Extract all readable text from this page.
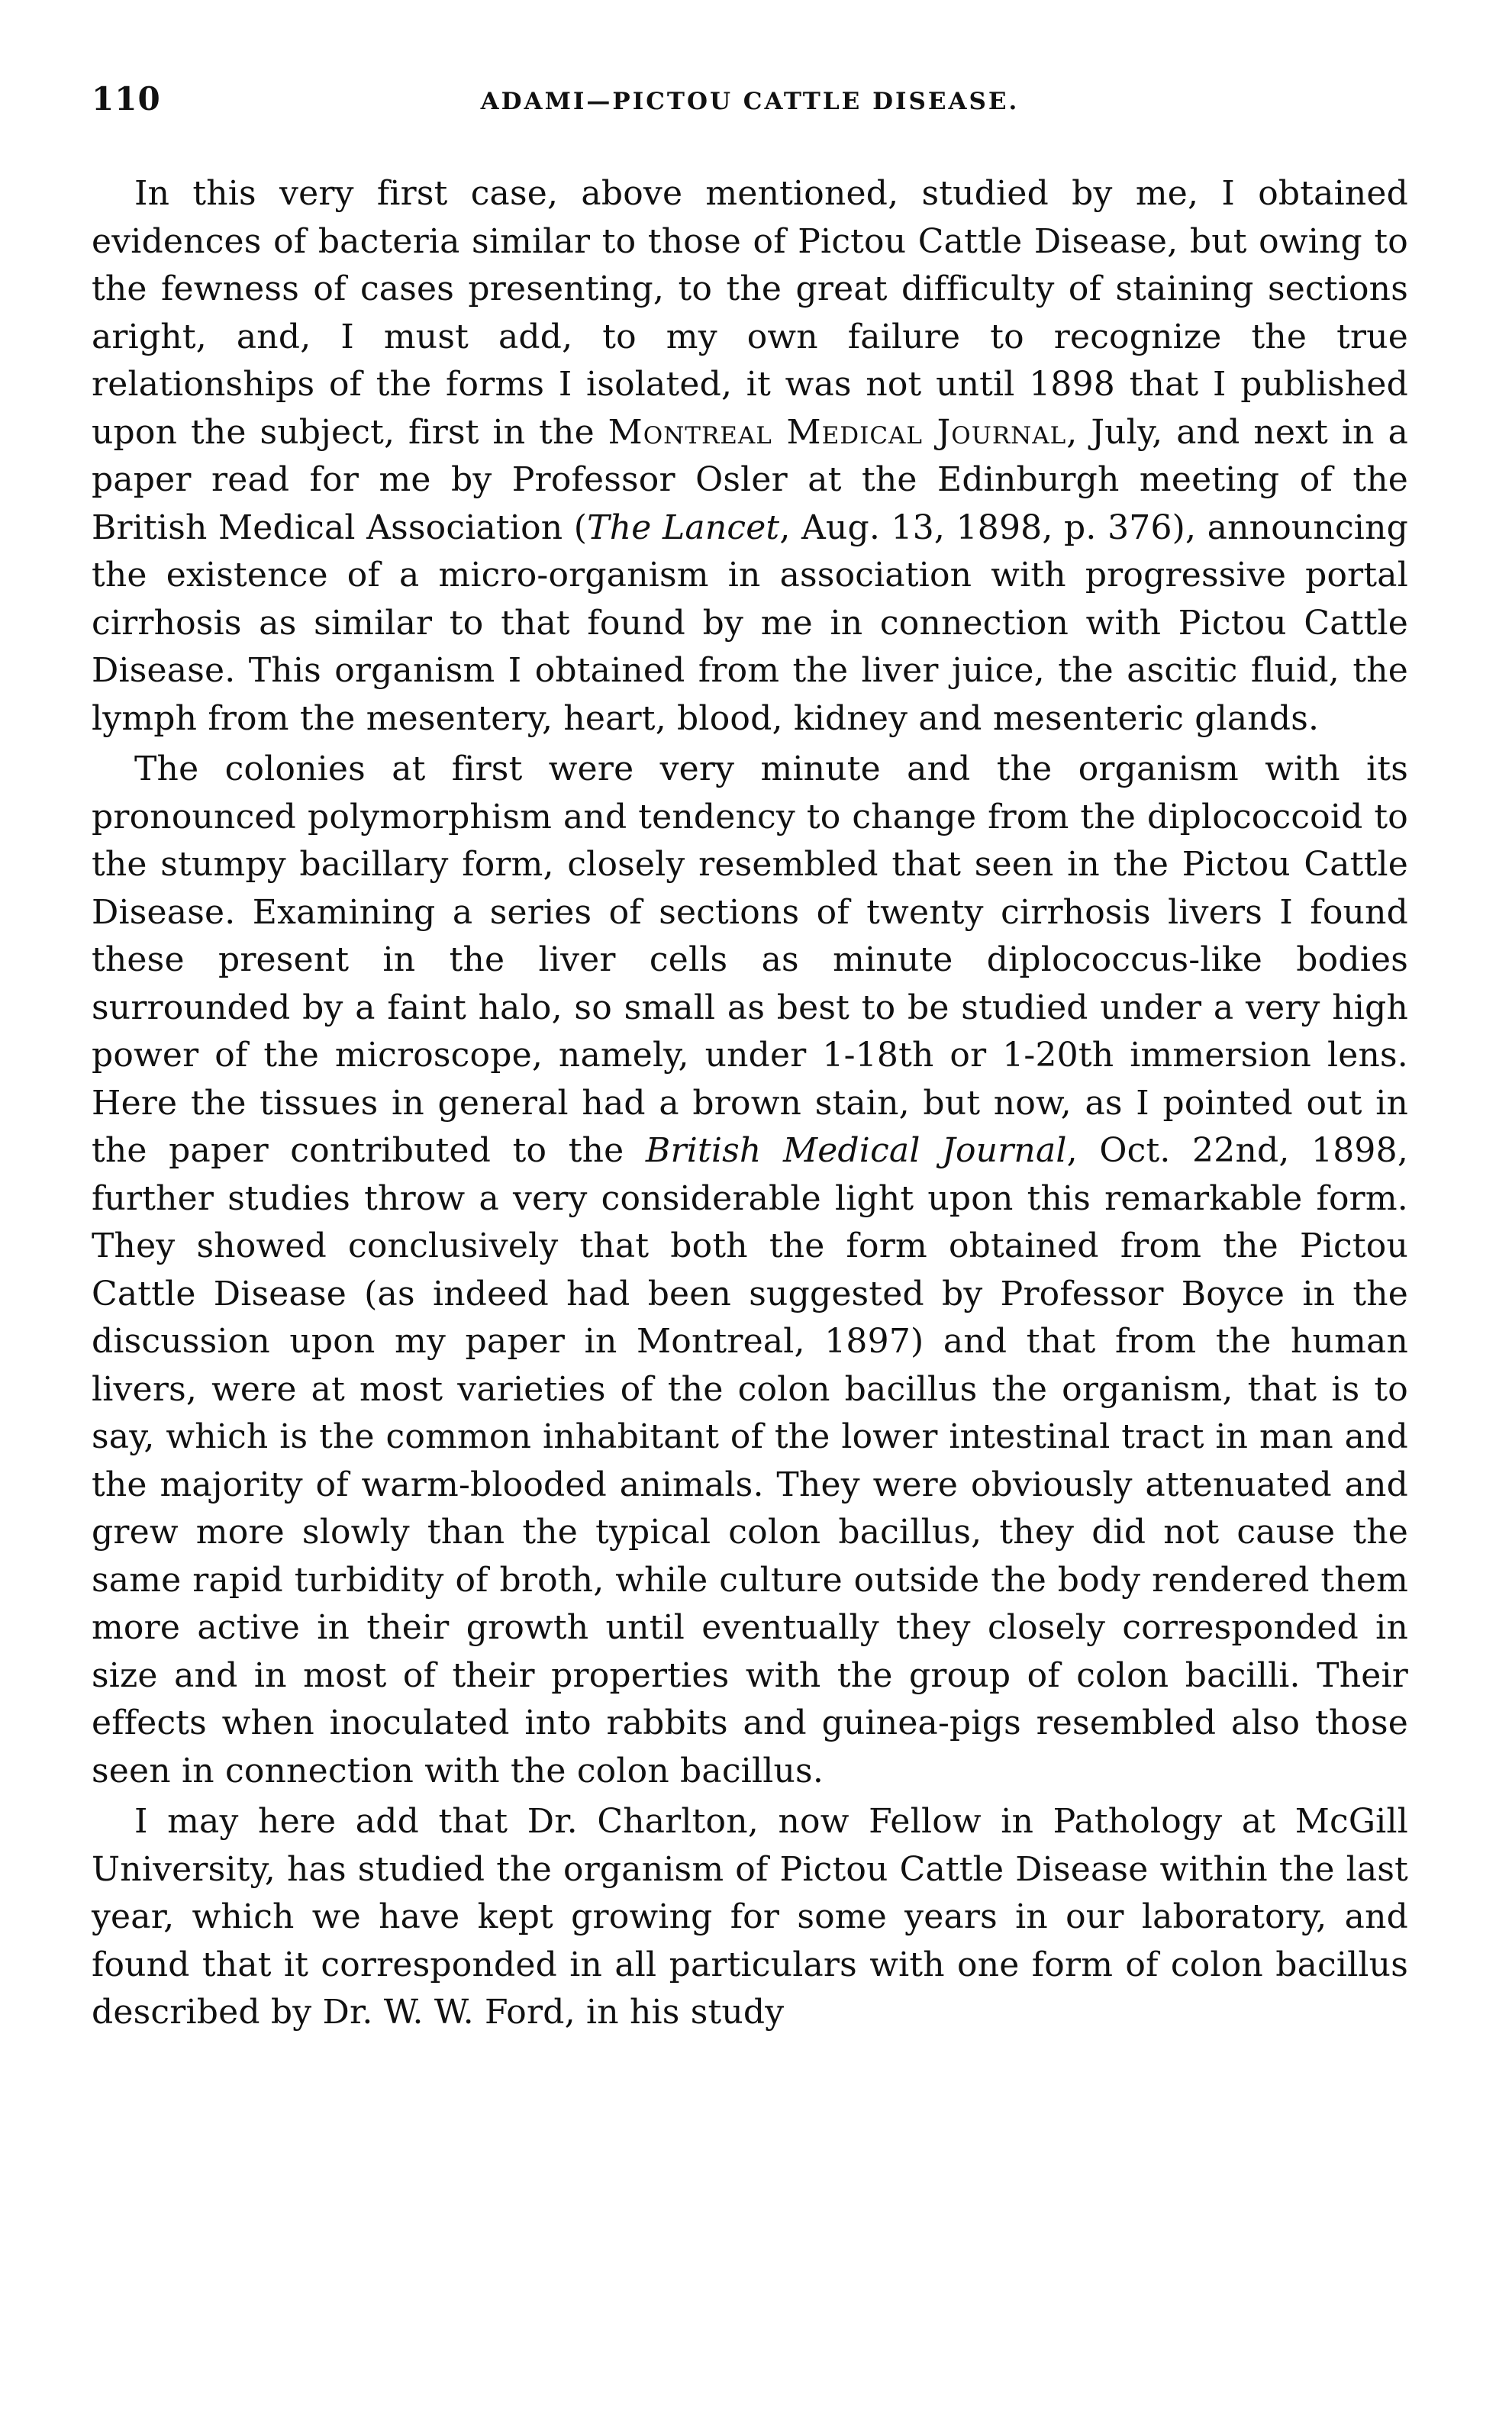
110	ADAMI—PICTOU CATTLE DISEASE.

In this very first case, above mentioned, studied by me, I obtained evidences of bacteria similar to those of Pictou Cattle Disease, but owing to the fewness of cases presenting, to the great difficulty of staining sections aright, and, I must add, to my own failure to recognize the true relationships of the forms I isolated, it was not until 1898 that I published upon the subject, first in the Montreal Medical Journal, July, and next in a paper read for me by Professor Osler at the Edinburgh meeting of the British Medical Association (The Lancet, Aug. 13, 1898, p. 376), announcing the existence of a micro-organism in association with progressive portal cirrhosis as similar to that found by me in connection with Pictou Cattle Disease. This organism I obtained from the liver juice, the ascitic fluid, the lymph from the mesentery, heart, blood, kidney and mesenteric glands.

The colonies at first were very minute and the organism with its pronounced polymorphism and tendency to change from the diplococcoid to the stumpy bacillary form, closely resembled that seen in the Pictou Cattle Disease. Examining a series of sections of twenty cirrhosis livers I found these present in the liver cells as minute diplococcus-like bodies surrounded by a faint halo, so small as best to be studied under a very high power of the microscope, namely, under 1-18th or 1-20th immersion lens. Here the tissues in general had a brown stain, but now, as I pointed out in the paper contributed to the British Medical Journal, Oct. 22nd, 1898, further studies throw a very considerable light upon this remarkable form. They showed conclusively that both the form obtained from the Pictou Cattle Disease (as indeed had been suggested by Professor Boyce in the discussion upon my paper in Montreal, 1897) and that from the human livers, were at most varieties of the colon bacillus the organism, that is to say, which is the common inhabitant of the lower intestinal tract in man and the majority of warm-blooded animals. They were obviously attenuated and grew more slowly than the typical colon bacillus, they did not cause the same rapid turbidity of broth, while culture outside the body rendered them more active in their growth until eventually they closely corresponded in size and in most of their properties with the group of colon bacilli. Their effects when inoculated into rabbits and guinea-pigs resembled also those seen in connection with the colon bacillus.

I may here add that Dr. Charlton, now Fellow in Pathology at McGill University, has studied the organism of Pictou Cattle Disease within the last year, which we have kept growing for some years in our laboratory, and found that it corresponded in all particulars with one form of colon bacillus described by Dr. W. W. Ford, in his study
